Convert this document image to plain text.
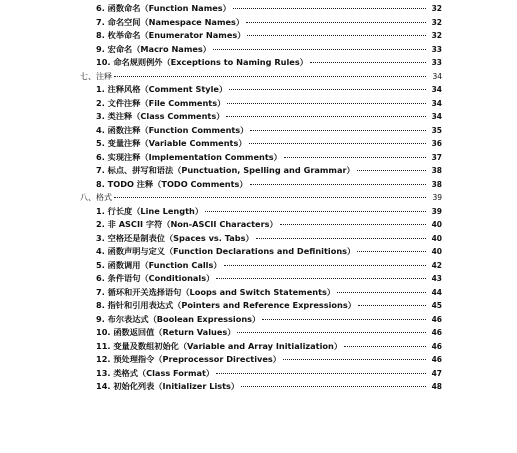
6. 函数命名（Function Names）	32
7. 命名空间（Namespace Names）	32
8. 枚举命名（Enumerator Names）	32
9. 宏命名（Macro Names）	33
10. 命名规则例外（Exceptions to Naming Rules）	33
七、注释	34
1. 注释风格（Comment Style）	34
2. 文件注释（File Comments）	34
3. 类注释（Class Comments）	34
4. 函数注释（Function Comments）	35
5. 变量注释（Variable Comments）	36
6. 实现注释（Implementation Comments）	37
7. 标点、拼写和语法（Punctuation, Spelling and Grammar）	38
8. TODO 注释（TODO Comments）	38
八、格式	39
1. 行长度（Line Length）	39
2. 非 ASCII 字符（Non-ASCII Characters）	40
3. 空格还是制表位（Spaces vs. Tabs）	40
4. 函数声明与定义（Function Declarations and Definitions）	40
5. 函数调用（Function Calls）	42
6. 条件语句（Conditionals）	43
7. 循环和开关选择语句（Loops and Switch Statements）	44
8. 指针和引用表达式（Pointers and Reference Expressions）	45
9. 布尔表达式（Boolean Expressions）	46
10. 函数返回值（Return Values）	46
11. 变量及数组初始化（Variable and Array Initialization）	46
12. 预处理指令（Preprocessor Directives）	46
13. 类格式（Class Format）	47
14. 初始化列表（Initializer Lists）	48
